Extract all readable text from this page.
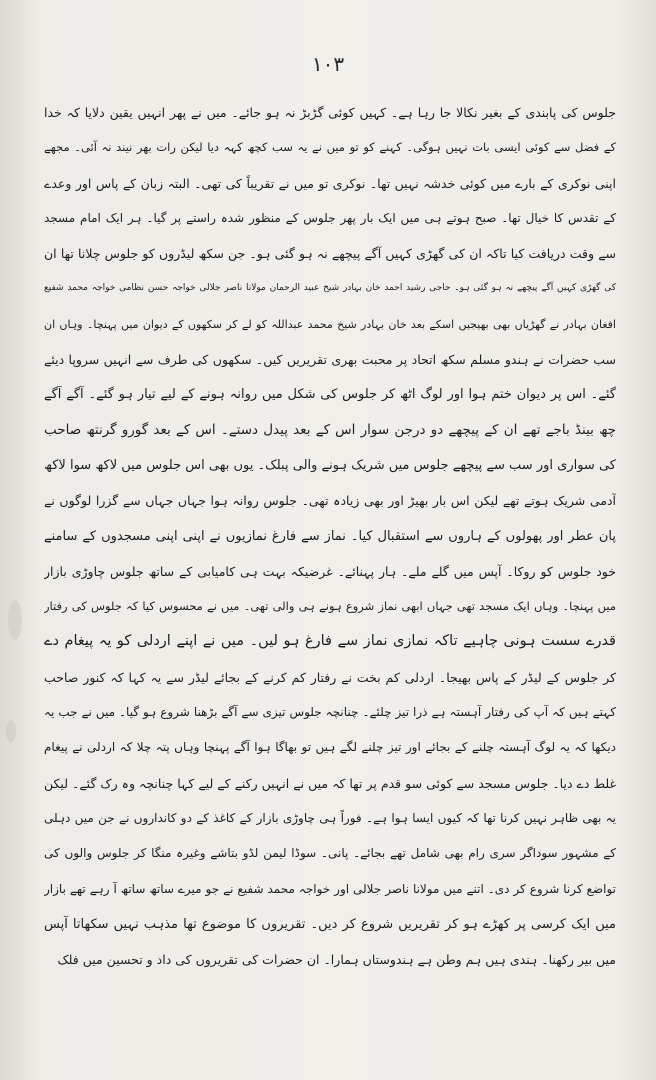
۱۰۳
جلوس کی پابندی کے بغیر نکالا جا رہا ہے۔ کہیں کوئی گڑبڑ نہ ہو جائے۔ میں نے پھر انہیں یقین دلایا کہ خدا
کے فضل سے کوئی ایسی بات نہیں ہوگی۔ کہنے کو تو میں نے یہ سب کچھ کہہ دیا لیکن رات بھر نیند نہ آئی۔ مجھے
اپنی نوکری کے بارے میں کوئی خدشہ نہیں تھا۔ نوکری تو میں نے تقریباً کی تھی۔ البتہ زبان کے پاس اور وعدے
کے تقدس کا خیال تھا۔ صبح ہوتے ہی میں ایک بار پھر جلوس کے منظور شدہ راستے پر گیا۔ ہر ایک امام مسجد
سے وقت دریافت کیا تاکہ ان کی گھڑی کہیں آگے پیچھے نہ ہو گئی ہو۔ جن سکھ لیڈروں کو جلوس چلانا تھا ان
کی گھڑی کہیں آگے پیچھے نہ ہو گئی ہو۔ حاجی رشید احمد خان بہادر شیخ عبید الرحمان مولانا ناصر جلالی خواجہ حسن نظامی خواجہ محمد شفیع
افغان بہادر نے گھڑیاں بھی بھیجیں اسکے بعد خان بہادر شیخ محمد عبداللہ کو لے کر سکھوں کے دیوان میں پہنچا۔ وہاں ان
سب حضرات نے ہندو مسلم سکھ اتحاد پر محبت بھری تقریریں کیں۔ سکھوں کی طرف سے انہیں سروپا دیئے
گئے۔ اس پر دیوان ختم ہوا اور لوگ اٹھ کر جلوس کی شکل میں روانہ ہونے کے لیے تیار ہو گئے۔ آگے آگے
چھ بینڈ باجے تھے ان کے پیچھے دو درجن سوار اس کے بعد پیدل دستے۔ اس کے بعد گورو گرنتھ صاحب
کی سواری اور سب سے پیچھے جلوس میں شریک ہونے والی پبلک۔ یوں بھی اس جلوس میں لاکھ سوا لاکھ
آدمی شریک ہوتے تھے لیکن اس بار بھیڑ اور بھی زیادہ تھی۔ جلوس روانہ ہوا جہاں جہاں سے گزرا لوگوں نے
پان عطر اور پھولوں کے ہاروں سے استقبال کیا۔ نماز سے فارغ نمازیوں نے اپنی اپنی مسجدوں کے سامنے
خود جلوس کو روکا۔ آپس میں گلے ملے۔ ہار پہنائے۔ غرضیکہ بہت ہی کامیابی کے ساتھ جلوس چاوڑی بازار
میں پہنچا۔ وہاں ایک مسجد تھی جہاں ابھی نماز شروع ہونے ہی والی تھی۔ میں نے محسوس کیا کہ جلوس کی رفتار
قدرے سست ہونی چاہیے تاکہ نمازی نماز سے فارغ ہو لیں۔ میں نے اپنے اردلی کو یہ پیغام دے
کر جلوس کے لیڈر کے پاس بھیجا۔ اردلی کم بخت نے رفتار کم کرنے کے بجائے لیڈر سے یہ کہا کہ کنور صاحب
کہتے ہیں کہ آپ کی رفتار آہستہ ہے ذرا تیز چلئے۔ چنانچہ جلوس تیزی سے آگے بڑھنا شروع ہو گیا۔ میں نے جب یہ
دیکھا کہ یہ لوگ آہستہ چلنے کے بجائے اور تیز چلنے لگے ہیں تو بھاگا ہوا آگے پہنچا وہاں پتہ چلا کہ اردلی نے پیغام
غلط دے دیا۔ جلوس مسجد سے کوئی سو قدم پر تھا کہ میں نے انہیں رکنے کے لیے کہا چنانچہ وہ رک گئے۔ لیکن
یہ بھی ظاہر نہیں کرنا تھا کہ کیوں ایسا ہوا ہے۔ فوراً ہی چاوڑی بازار کے کاغذ کے دو کانداروں نے جن میں دہلی
کے مشہور سوداگر سری رام بھی شامل تھے بجائے۔ پانی۔ سوڈا لیمن لڈو بتاشے وغیرہ منگا کر جلوس والوں کی
تواضع کرنا شروع کر دی۔ اتنے میں مولانا ناصر جلالی اور خواجہ محمد شفیع نے جو میرے ساتھ ساتھ آ رہے تھے بازار
میں ایک کرسی پر کھڑے ہو کر تقریریں شروع کر دیں۔ تقریروں کا موضوع تھا مذہب نہیں سکھاتا آپس
میں بیر رکھنا۔ ہندی ہیں ہم وطن ہے ہندوستاں ہمارا۔ ان حضرات کی تقریروں کی داد و تحسین میں فلک
